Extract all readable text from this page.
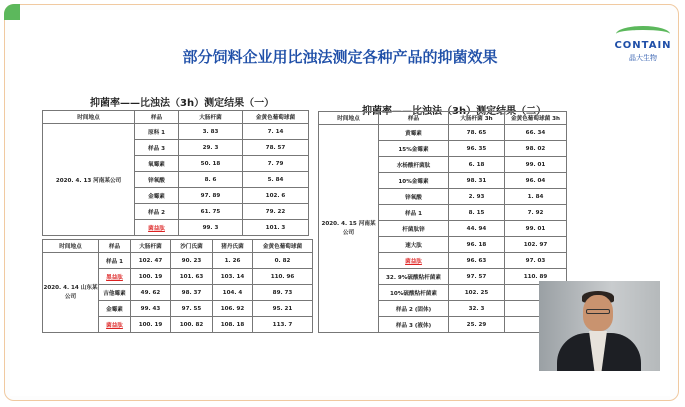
CONTAIN
晶大生物
部分饲料企业用比浊法测定各种产品的抑菌效果
抑菌率——比浊法（3h）测定结果（一）
抑菌率——比浊法（3h）测定结果（二）
时间地点	样品	大肠杆菌	金黄色葡萄球菌
2020. 4. 13 河南某公司	原料 1	3. 83	7. 14
	样品 3	29. 3	78. 57
	氧霉素	50. 18	7. 79
	锌氧酸	8. 6	5. 84
	金霉素	97. 89	102. 6
	样品 2	61. 75	79. 22
	菌益肽	99. 3	101. 3
时间地点	样品	大肠杆菌	沙门氏菌	猪丹氏菌	金黄色葡萄球菌
2020. 4. 14 山东某公司	样品 1	102. 47	90. 23	1. 26	0. 82
	黑益肽	100. 19	101. 63	103. 14	110. 96
	吉他霉素	49. 62	98. 37	104. 4	89. 73
	金霉素	99. 43	97. 55	106. 92	95. 21
	菌益肽	100. 19	100. 82	108. 18	113. 7
时间地点	样品	大肠杆菌 3h	金黄色葡萄球菌 3h
2020. 4. 15 河南某公司	黄霉素	78. 65	66. 34
	15%金霉素	96. 35	98. 02
	水杨酸杆菌肽	6. 18	99. 01
	10%金霉素	98. 31	96. 04
	锌氧酸	2. 93	1. 84
	样品 1	8. 15	7. 92
	杆菌肽锌	44. 94	99. 01
	速大肽	96. 18	102. 97
	菌益肽	96. 63	97. 03
	32. 9%硫酸粘杆菌素	97. 57	110. 89
	10%硫酸粘杆菌素	102. 25	
	样品 2 (固体)	32. 3	
	样品 3 (液体)	25. 29	
